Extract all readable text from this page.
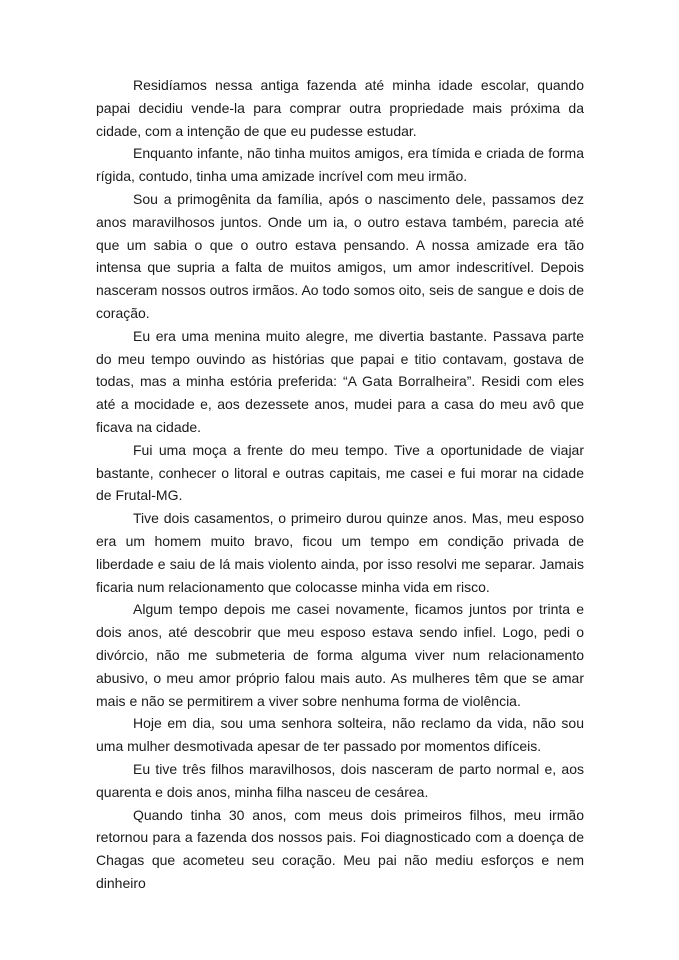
Residíamos nessa antiga fazenda até minha idade escolar, quando papai decidiu vende-la para comprar outra propriedade mais próxima da cidade, com a intenção de que eu pudesse estudar.

Enquanto infante, não tinha muitos amigos, era tímida e criada de forma rígida, contudo, tinha uma amizade incrível com meu irmão.

Sou a primogênita da família, após o nascimento dele, passamos dez anos maravilhosos juntos. Onde um ia, o outro estava também, parecia até que um sabia o que o outro estava pensando. A nossa amizade era tão intensa que supria a falta de muitos amigos, um amor indescritível. Depois nasceram nossos outros irmãos. Ao todo somos oito, seis de sangue e dois de coração.

Eu era uma menina muito alegre, me divertia bastante. Passava parte do meu tempo ouvindo as histórias que papai e titio contavam, gostava de todas, mas a minha estória preferida: “A Gata Borralheira”. Residi com eles até a mocidade e, aos dezessete anos, mudei para a casa do meu avô que ficava na cidade.

Fui uma moça a frente do meu tempo. Tive a oportunidade de viajar bastante, conhecer o litoral e outras capitais, me casei e fui morar na cidade de Frutal-MG.

Tive dois casamentos, o primeiro durou quinze anos. Mas, meu esposo era um homem muito bravo, ficou um tempo em condição privada de liberdade e saiu de lá mais violento ainda, por isso resolvi me separar. Jamais ficaria num relacionamento que colocasse minha vida em risco.

Algum tempo depois me casei novamente, ficamos juntos por trinta e dois anos, até descobrir que meu esposo estava sendo infiel. Logo, pedi o divórcio, não me submeteria de forma alguma viver num relacionamento abusivo, o meu amor próprio falou mais auto. As mulheres têm que se amar mais e não se permitirem a viver sobre nenhuma forma de violência.

Hoje em dia, sou uma senhora solteira, não reclamo da vida, não sou uma mulher desmotivada apesar de ter passado por momentos difíceis.

Eu tive três filhos maravilhosos, dois nasceram de parto normal e, aos quarenta e dois anos, minha filha nasceu de cesárea.

Quando tinha 30 anos, com meus dois primeiros filhos, meu irmão retornou para a fazenda dos nossos pais. Foi diagnosticado com a doença de Chagas que acometeu seu coração. Meu pai não mediu esforços e nem dinheiro
